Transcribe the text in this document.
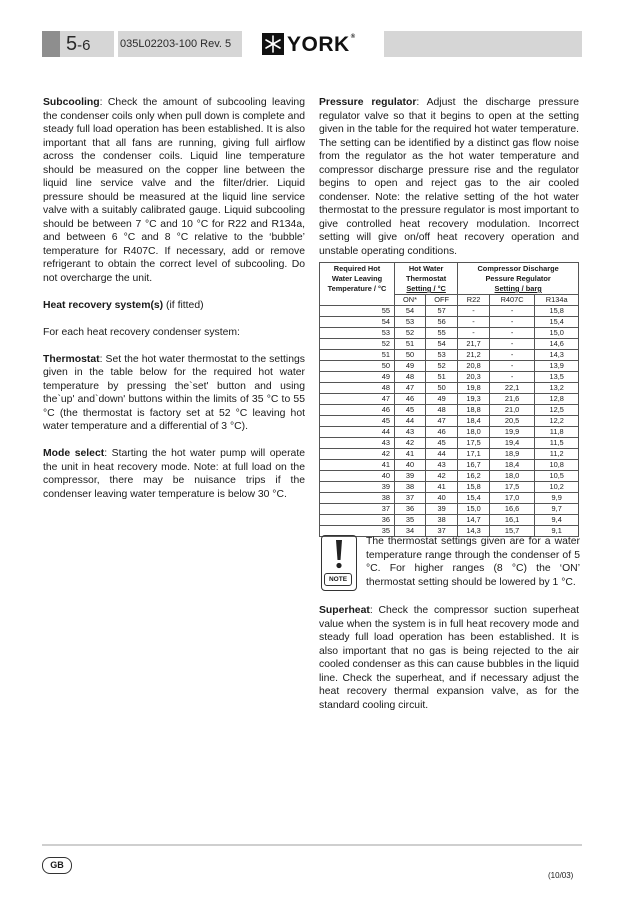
5-6	035L02203-100 Rev. 5	YORK®

Subcooling: Check the amount of subcooling leaving the condenser coils only when pull down is complete and steady full load operation has been established. It is also important that all fans are running, giving full airflow across the condenser coils. Liquid line temperature should be measured on the copper line between the liquid line service valve and the filter/drier. Liquid pressure should be measured at the liquid line service valve with a suitably calibrated gauge. Liquid subcooling should be between 7 °C and 10 °C for R22 and R134a, and between 6 °C and 8 °C relative to the ‘bubble’ temperature for R407C. If necessary, add or remove refrigerant to obtain the correct level of subcooling. Do not overcharge the unit.

Heat recovery system(s) (if fitted)

For each heat recovery condenser system:

Thermostat: Set the hot water thermostat to the settings given in the table below for the required hot water temperature by pressing the`set' button and using the`up' and`down' buttons within the limits of 35 °C to 55 °C (the thermostat is factory set at 52 °C leaving hot water temperature and a differential of 3 °C).

Mode select: Starting the hot water pump will operate the unit in heat recovery mode. Note: at full load on the compressor, there may be nuisance trips if the condenser leaving water temperature is below 30 °C.

Pressure regulator: Adjust the discharge pressure regulator valve so that it begins to open at the setting given in the table for the required hot water temperature. The setting can be identified by a distinct gas flow noise from the regulator as the hot water temperature and compressor discharge pressure rise and the regulator begins to open and reject gas to the air cooled condenser. Note: the relative setting of the hot water thermostat to the pressure regulator is most important to give controlled heat recovery modulation. Incorrect setting will give on/off heat recovery operation and unstable operating conditions.

Required Hot
Water Leaving
Temperature / °C	Hot Water
Thermostat
Setting / °C		Compressor Discharge
Pessure Regulator
Setting / barg		
	ON*	OFF	R22	R407C	R134a
55	54	57	-	-	15,8
54	53	56	-	-	15,4
53	52	55	-	-	15,0
52	51	54	21,7	-	14,6
51	50	53	21,2	-	14,3
50	49	52	20,8	-	13,9
49	48	51	20,3	-	13,5
48	47	50	19,8	22,1	13,2
47	46	49	19,3	21,6	12,8
46	45	48	18,8	21,0	12,5
45	44	47	18,4	20,5	12,2
44	43	46	18,0	19,9	11,8
43	42	45	17,5	19,4	11,5
42	41	44	17,1	18,9	11,2
41	40	43	16,7	18,4	10,8
40	39	42	16,2	18,0	10,5
39	38	41	15,8	17,5	10,2
38	37	40	15,4	17,0	9,9
37	36	39	15,0	16,6	9,7
36	35	38	14,7	16,1	9,4
35	34	37	14,3	15,7	9,1
NOTE
The thermostat settings given are for a water temperature range through the condenser of 5 °C. For higher ranges (8 °C) the ‘ON’ thermostat setting should be lowered by 1 °C.
Superheat: Check the compressor suction superheat value when the system is in full heat recovery mode and steady full load operation has been established. It is also important that no gas is being rejected to the air cooled condenser as this can cause bubbles in the liquid line. Check the superheat, and if necessary adjust the heat recovery thermal expansion valve, as for the standard cooling circuit.
GB
(10/03)
